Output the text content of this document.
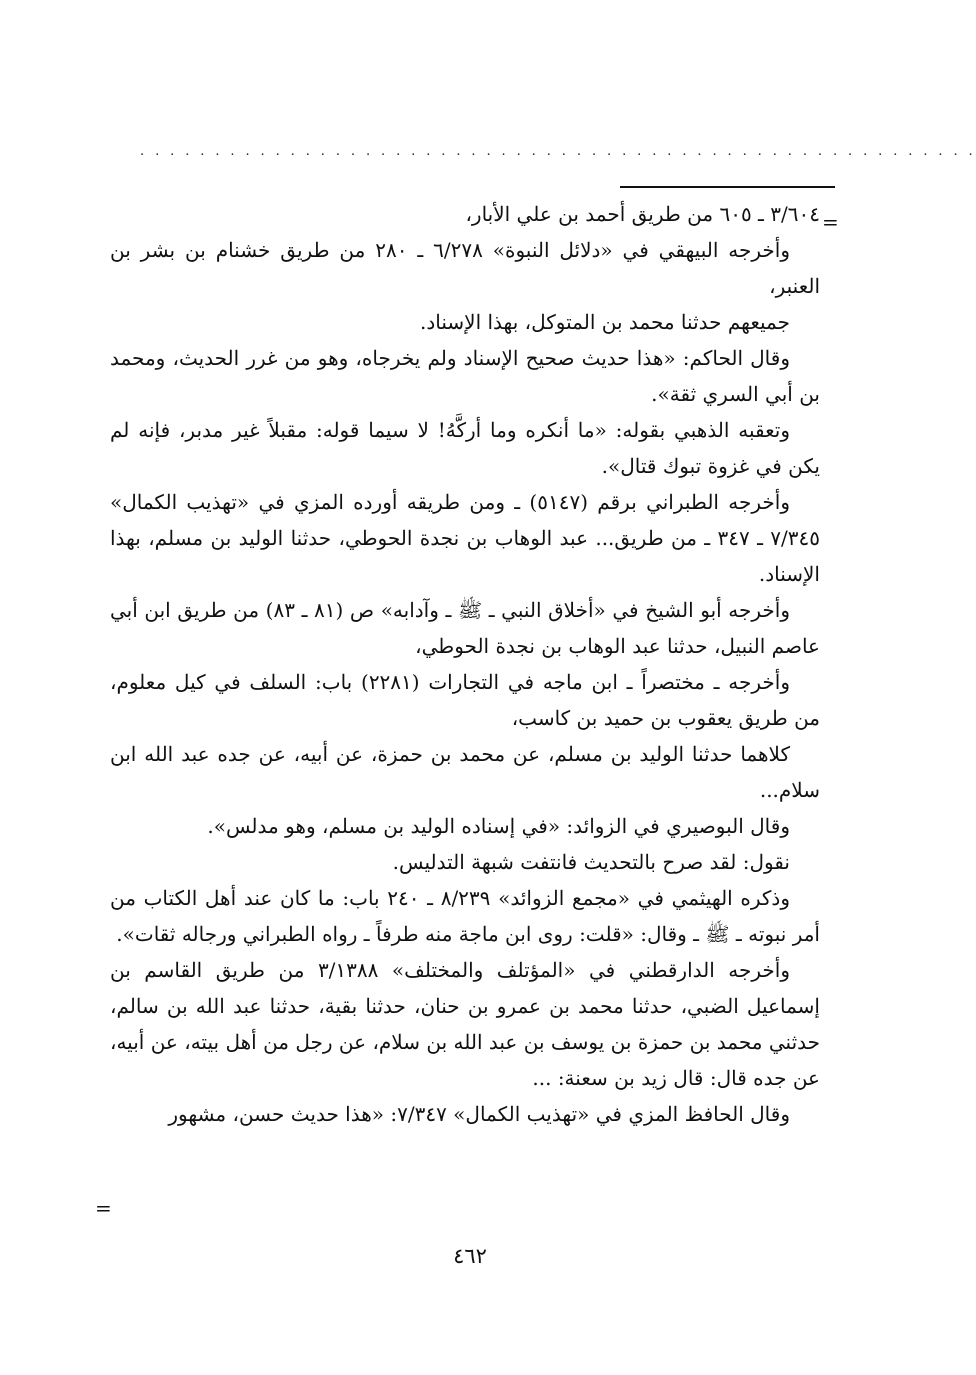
. . . . . . . . . . . . . . . . . . . . . . . . . . . . . . . . . . . . . . . . . . . . . . . . . . . . . . . .
=

٣/٦٠٤ ـ ٦٠٥ من طريق أحمد بن علي الأبار،

وأخرجه البيهقي في «دلائل النبوة» ٦/٢٧٨ ـ ٢٨٠ من طريق خشنام بن بشر بن العنبر،

جميعهم حدثنا محمد بن المتوكل، بهذا الإسناد.

وقال الحاكم: «هذا حديث صحيح الإسناد ولم يخرجاه، وهو من غرر الحديث، ومحمد بن أبي السري ثقة».

وتعقبه الذهبي بقوله: «ما أنكره وما أركَّهُ! لا سيما قوله: مقبلاً غير مدبر، فإنه لم يكن في غزوة تبوك قتال».

وأخرجه الطبراني برقم (٥١٤٧) ـ ومن طريقه أورده المزي في «تهذيب الكمال» ٧/٣٤٥ ـ ٣٤٧ ـ من طريق... عبد الوهاب بن نجدة الحوطي، حدثنا الوليد بن مسلم، بهذا الإسناد.

وأخرجه أبو الشيخ في «أخلاق النبي ـ ﷺ ـ وآدابه» ص (٨١ ـ ٨٣) من طريق ابن أبي عاصم النبيل، حدثنا عبد الوهاب بن نجدة الحوطي،

وأخرجه ـ مختصراً ـ ابن ماجه في التجارات (٢٢٨١) باب: السلف في كيل معلوم، من طريق يعقوب بن حميد بن كاسب،

كلاهما حدثنا الوليد بن مسلم، عن محمد بن حمزة، عن أبيه، عن جده عبد الله ابن سلام...

وقال البوصيري في الزوائد: «في إسناده الوليد بن مسلم، وهو مدلس».

نقول: لقد صرح بالتحديث فانتفت شبهة التدليس.

وذكره الهيثمي في «مجمع الزوائد» ٨/٢٣٩ ـ ٢٤٠ باب: ما كان عند أهل الكتاب من أمر نبوته ـ ﷺ ـ وقال: «قلت: روى ابن ماجة منه طرفاً ـ رواه الطبراني ورجاله ثقات».

وأخرجه الدارقطني في «المؤتلف والمختلف» ٣/١٣٨٨ من طريق القاسم بن إسماعيل الضبي، حدثنا محمد بن عمرو بن حنان، حدثنا بقية، حدثنا عبد الله بن سالم، حدثني محمد بن حمزة بن يوسف بن عبد الله بن سلام، عن رجل من أهل بيته، عن أبيه، عن جده قال: قال زيد بن سعنة: ...

وقال الحافظ المزي في «تهذيب الكمال» ٧/٣٤٧: «هذا حديث حسن، مشهور

=
٤٦٢
